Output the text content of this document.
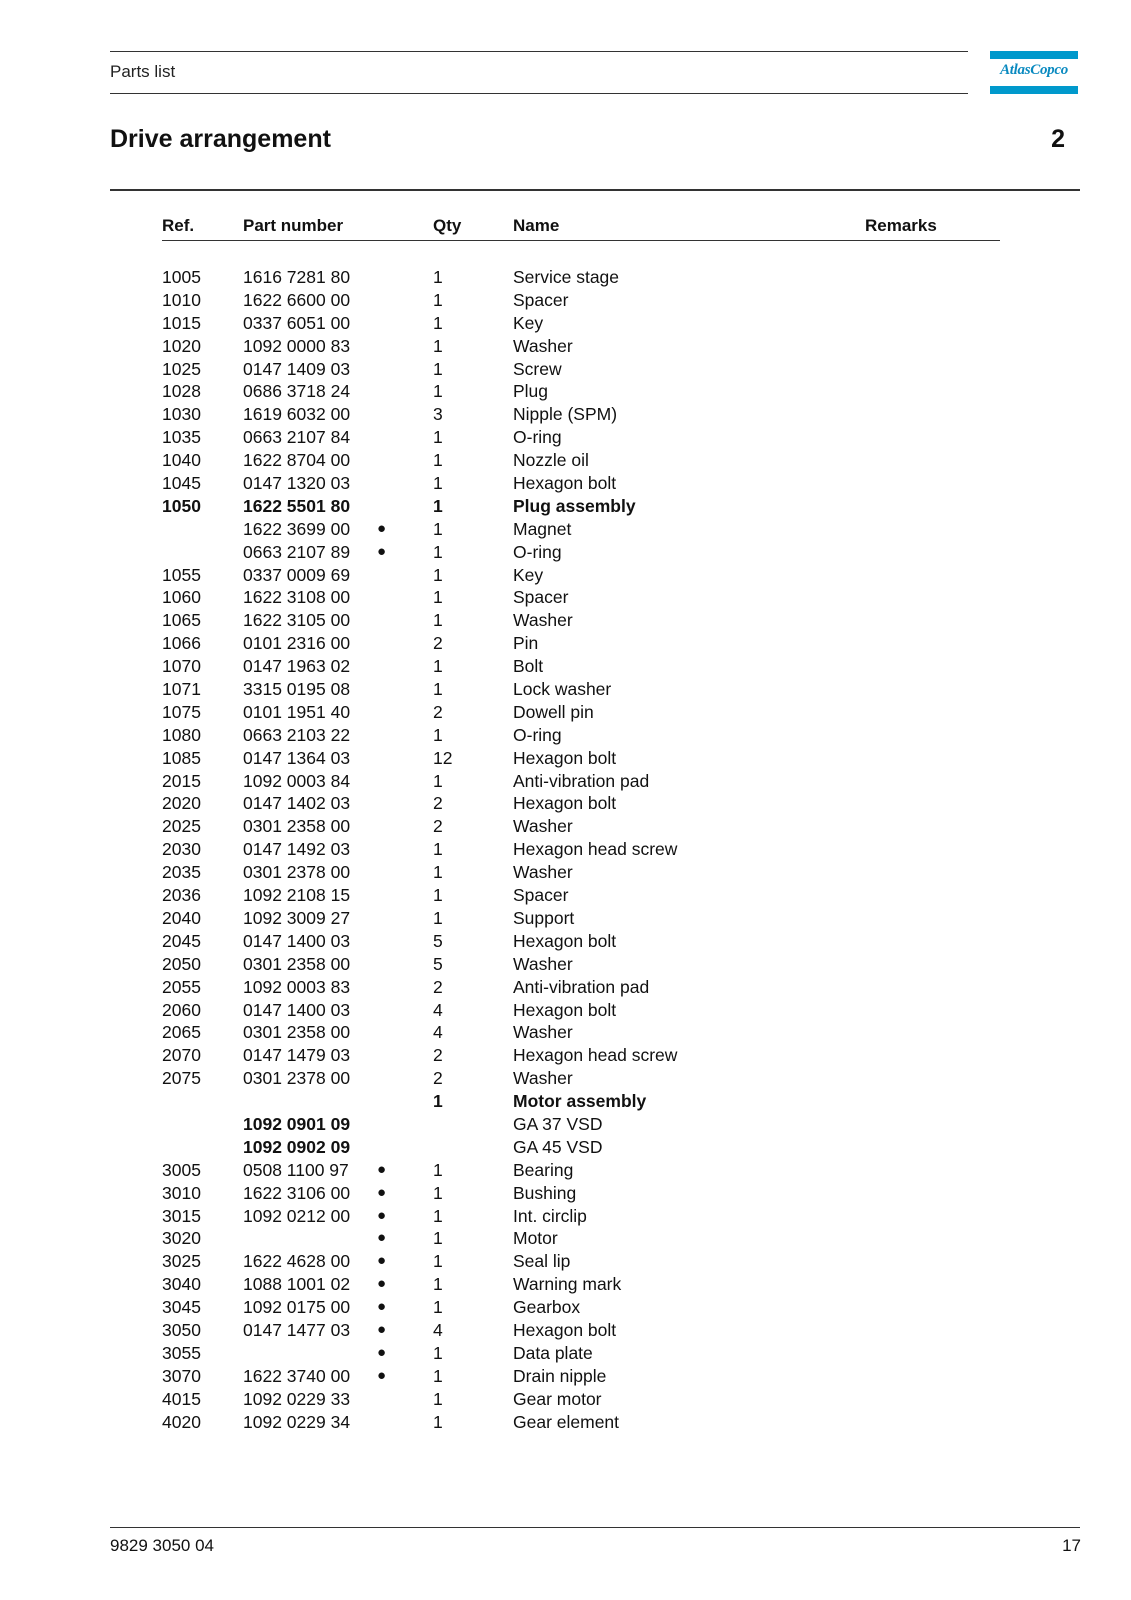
Parts list	AtlasCopco
Drive arrangement	2
Ref.	Part number	Qty	Name	Remarks
1005 1616 7281 80	1	Service stage
1010 1622 6600 00	1	Spacer
1015 0337 6051 00	1	Key
1020 1092 0000 83	1	Washer
1025 0147 1409 03	1	Screw
1028 0686 3718 24	1	Plug
1030 1619 6032 00	3	Nipple (SPM)
1035 0663 2107 84	1	O-ring
1040 1622 8704 00	1	Nozzle oil
1045 0147 1320 03	1	Hexagon bolt
1050 1622 5501 80	1	Plug assembly
1622 3699 00 ●	1	Magnet
0663 2107 89 ●	1	O-ring
1055 0337 0009 69	1	Key
1060 1622 3108 00	1	Spacer
1065 1622 3105 00	1	Washer
1066 0101 2316 00	2	Pin
1070 0147 1963 02	1	Bolt
1071 3315 0195 08	1	Lock washer
1075 0101 1951 40	2	Dowell pin
1080 0663 2103 22	1	O-ring
1085 0147 1364 03	12	Hexagon bolt
2015 1092 0003 84	1	Anti-vibration pad
2020 0147 1402 03	2	Hexagon bolt
2025 0301 2358 00	2	Washer
2030 0147 1492 03	1	Hexagon head screw
2035 0301 2378 00	1	Washer
2036 1092 2108 15	1	Spacer
2040 1092 3009 27	1	Support
2045 0147 1400 03	5	Hexagon bolt
2050 0301 2358 00	5	Washer
2055 1092 0003 83	2	Anti-vibration pad
2060 0147 1400 03	4	Hexagon bolt
2065 0301 2358 00	4	Washer
2070 0147 1479 03	2	Hexagon head screw
2075 0301 2378 00	2	Washer
1	Motor assembly
1092 0901 09	GA 37 VSD
1092 0902 09	GA 45 VSD
3005 0508 1100 97 ●	1	Bearing
3010 1622 3106 00 ●	1	Bushing
3015 1092 0212 00 ●	1	Int. circlip
3020	●	1	Motor
3025 1622 4628 00 ●	1	Seal lip
3040 1088 1001 02 ●	1	Warning mark
3045 1092 0175 00 ●	1	Gearbox
3050 0147 1477 03 ●	4	Hexagon bolt
3055	●	1	Data plate
3070 1622 3740 00 ●	1	Drain nipple
4015 1092 0229 33	1	Gear motor
4020 1092 0229 34	1	Gear element
9829 3050 04	17
